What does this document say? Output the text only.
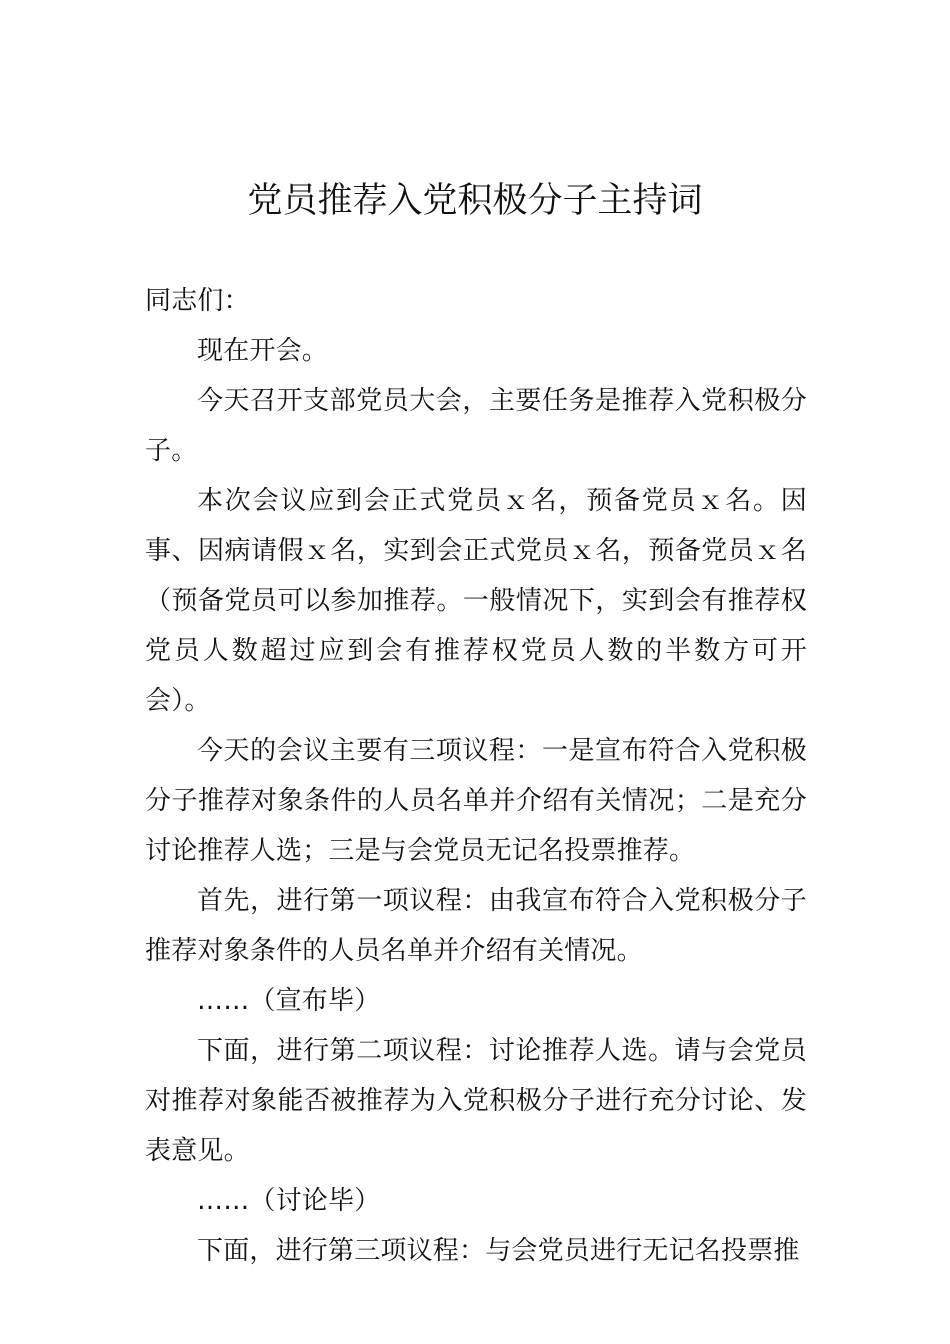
党员推荐入党积极分子主持词

同志们：

现在开会。

今天召开支部党员大会，主要任务是推荐入党积极分子。

本次会议应到会正式党员ｘ名，预备党员ｘ名。因事、因病请假ｘ名，实到会正式党员ｘ名，预备党员ｘ名（预备党员可以参加推荐。一般情况下，实到会有推荐权党员人数超过应到会有推荐权党员人数的半数方可开会）。

今天的会议主要有三项议程：一是宣布符合入党积极分子推荐对象条件的人员名单并介绍有关情况；二是充分讨论推荐人选；三是与会党员无记名投票推荐。

首先，进行第一项议程：由我宣布符合入党积极分子推荐对象条件的人员名单并介绍有关情况。

……（宣布毕）

下面，进行第二项议程：讨论推荐人选。请与会党员对推荐对象能否被推荐为入党积极分子进行充分讨论、发表意见。

……（讨论毕）

下面，进行第三项议程：与会党员进行无记名投票推
